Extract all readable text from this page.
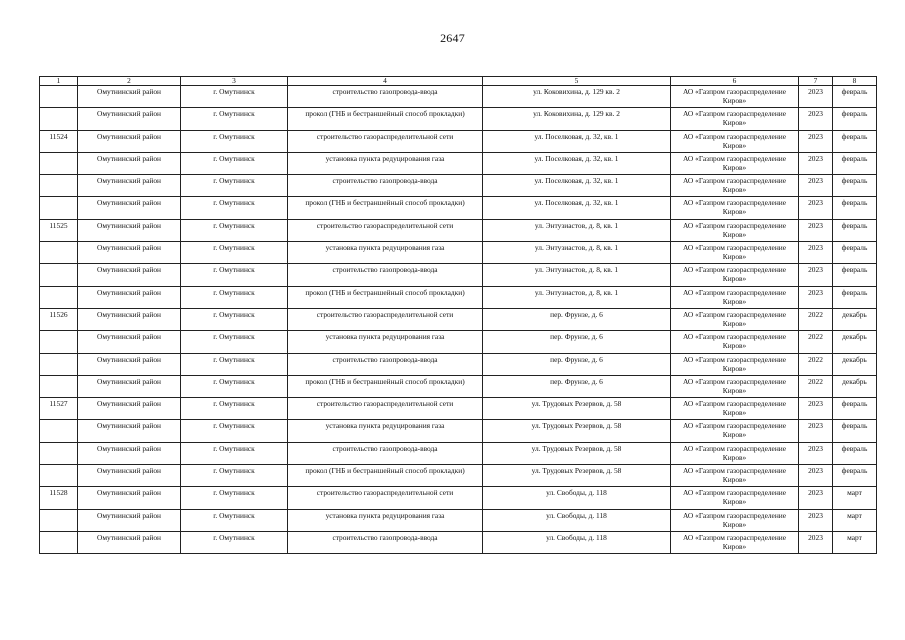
2647
1	2	3	4	5	6	7	8
	Омутнинский район	г. Омутнинск	строительство газопровода-ввода	ул. Коковихина, д. 129 кв. 2	АО «Газпром газораспределение Киров»	2023	февраль
	Омутнинский район	г. Омутнинск	прокол (ГНБ и бестраншейный способ прокладки)	ул. Коковихина, д. 129 кв. 2	АО «Газпром газораспределение Киров»	2023	февраль
11524	Омутнинский район	г. Омутнинск	строительство газораспределительной сети	ул. Поселковая, д. 32, кв. 1	АО «Газпром газораспределение Киров»	2023	февраль
	Омутнинский район	г. Омутнинск	установка пункта редуцирования газа	ул. Поселковая, д. 32, кв. 1	АО «Газпром газораспределение Киров»	2023	февраль
	Омутнинский район	г. Омутнинск	строительство газопровода-ввода	ул. Поселковая, д. 32, кв. 1	АО «Газпром газораспределение Киров»	2023	февраль
	Омутнинский район	г. Омутнинск	прокол (ГНБ и бестраншейный способ прокладки)	ул. Поселковая, д. 32, кв. 1	АО «Газпром газораспределение Киров»	2023	февраль
11525	Омутнинский район	г. Омутнинск	строительство газораспределительной сети	ул. Энтузиастов, д. 8, кв. 1	АО «Газпром газораспределение Киров»	2023	февраль
	Омутнинский район	г. Омутнинск	установка пункта редуцирования газа	ул. Энтузиастов, д. 8, кв. 1	АО «Газпром газораспределение Киров»	2023	февраль
	Омутнинский район	г. Омутнинск	строительство газопровода-ввода	ул. Энтузиастов, д. 8, кв. 1	АО «Газпром газораспределение Киров»	2023	февраль
	Омутнинский район	г. Омутнинск	прокол (ГНБ и бестраншейный способ прокладки)	ул. Энтузиастов, д. 8, кв. 1	АО «Газпром газораспределение Киров»	2023	февраль
11526	Омутнинский район	г. Омутнинск	строительство газораспределительной сети	пер. Фрунзе, д. 6	АО «Газпром газораспределение Киров»	2022	декабрь
	Омутнинский район	г. Омутнинск	установка пункта редуцирования газа	пер. Фрунзе, д. 6	АО «Газпром газораспределение Киров»	2022	декабрь
	Омутнинский район	г. Омутнинск	строительство газопровода-ввода	пер. Фрунзе, д. 6	АО «Газпром газораспределение Киров»	2022	декабрь
	Омутнинский район	г. Омутнинск	прокол (ГНБ и бестраншейный способ прокладки)	пер. Фрунзе, д. 6	АО «Газпром газораспределение Киров»	2022	декабрь
11527	Омутнинский район	г. Омутнинск	строительство газораспределительной сети	ул. Трудовых Резервов, д. 58	АО «Газпром газораспределение Киров»	2023	февраль
	Омутнинский район	г. Омутнинск	установка пункта редуцирования газа	ул. Трудовых Резервов, д. 58	АО «Газпром газораспределение Киров»	2023	февраль
	Омутнинский район	г. Омутнинск	строительство газопровода-ввода	ул. Трудовых Резервов, д. 58	АО «Газпром газораспределение Киров»	2023	февраль
	Омутнинский район	г. Омутнинск	прокол (ГНБ и бестраншейный способ прокладки)	ул. Трудовых Резервов, д. 58	АО «Газпром газораспределение Киров»	2023	февраль
11528	Омутнинский район	г. Омутнинск	строительство газораспределительной сети	ул. Свободы, д. 118	АО «Газпром газораспределение Киров»	2023	март
	Омутнинский район	г. Омутнинск	установка пункта редуцирования газа	ул. Свободы, д. 118	АО «Газпром газораспределение Киров»	2023	март
	Омутнинский район	г. Омутнинск	строительство газопровода-ввода	ул. Свободы, д. 118	АО «Газпром газораспределение Киров»	2023	март
